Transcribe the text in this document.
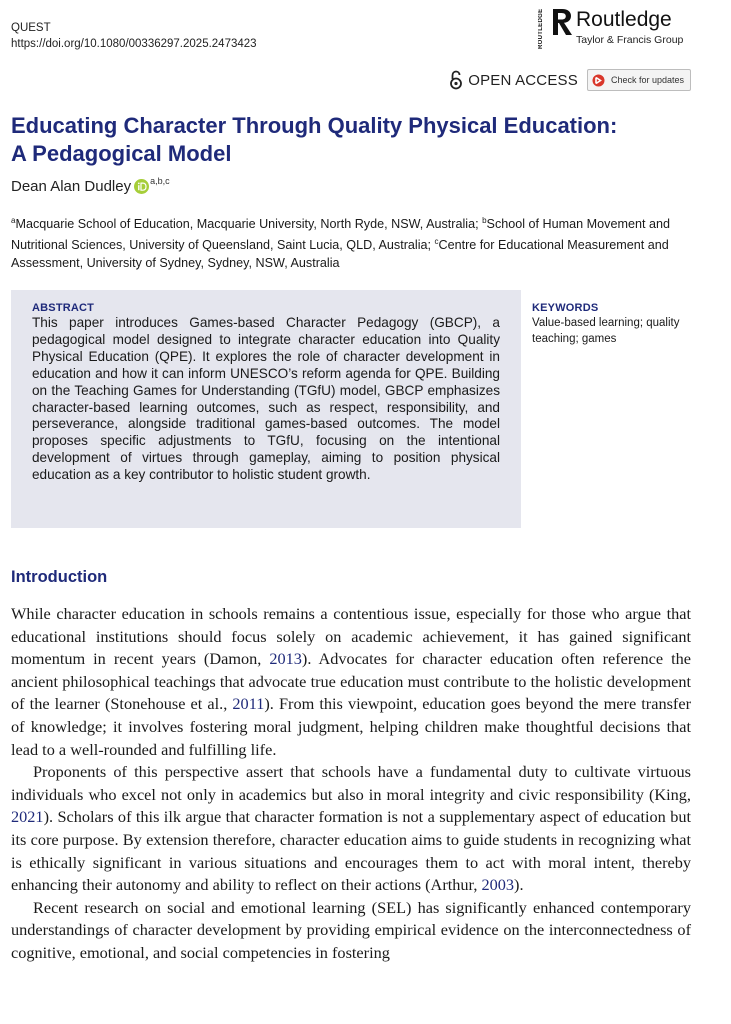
QUEST
https://doi.org/10.1080/00336297.2025.2473423	ROUTLEDGE Routledge
Taylor & Francis Group
OPEN ACCESS	Check for updates
Educating Character Through Quality Physical Education:
A Pedagogical Model
Dean Alan Dudley a,b,c
$^a$Macquarie School of Education, Macquarie University, North Ryde, NSW, Australia; $^b$School of Human Movement and Nutritional Sciences, University of Queensland, Saint Lucia, QLD, Australia; $^c$Centre for Educational Measurement and Assessment, University of Sydney, Sydney, NSW, Australia
ABSTRACT

This paper introduces Games-based Character Pedagogy (GBCP), a pedagogical model designed to integrate character education into Quality Physical Education (QPE). It explores the role of character development in education and how it can inform UNESCO’s reform agenda for QPE. Building on the Teaching Games for Understanding (TGfU) model, GBCP emphasizes character-based learning outcomes, such as respect, responsibility, and perseverance, alongside traditional games-based outcomes. The model proposes specific adjustments to TGfU, focusing on the intentional development of virtues through gameplay, aiming to position physical education as a key contributor to holistic student growth.

KEYWORDS
Value-based learning; quality teaching; games
Introduction

While character education in schools remains a contentious issue, especially for those who argue that educational institutions should focus solely on academic achievement, it has gained significant momentum in recent years (Damon, 2013). Advocates for character education often reference the ancient philosophical teachings that advocate true education must contribute to the holistic development of the learner (Stonehouse et al., 2011). From this viewpoint, education goes beyond the mere transfer of knowledge; it involves fostering moral judgment, helping children make thoughtful decisions that lead to a well-rounded and fulfilling life.

Proponents of this perspective assert that schools have a fundamental duty to cultivate virtuous individuals who excel not only in academics but also in moral integrity and civic responsibility (King, 2021). Scholars of this ilk argue that character formation is not a supplementary aspect of education but its core purpose. By extension therefore, character education aims to guide students in recognizing what is ethically significant in various situations and encourages them to act with moral intent, thereby enhancing their autonomy and ability to reflect on their actions (Arthur, 2003).

Recent research on social and emotional learning (SEL) has significantly enhanced contemporary understandings of character development by providing empirical evidence on the interconnectedness of cognitive, emotional, and social competencies in fostering
